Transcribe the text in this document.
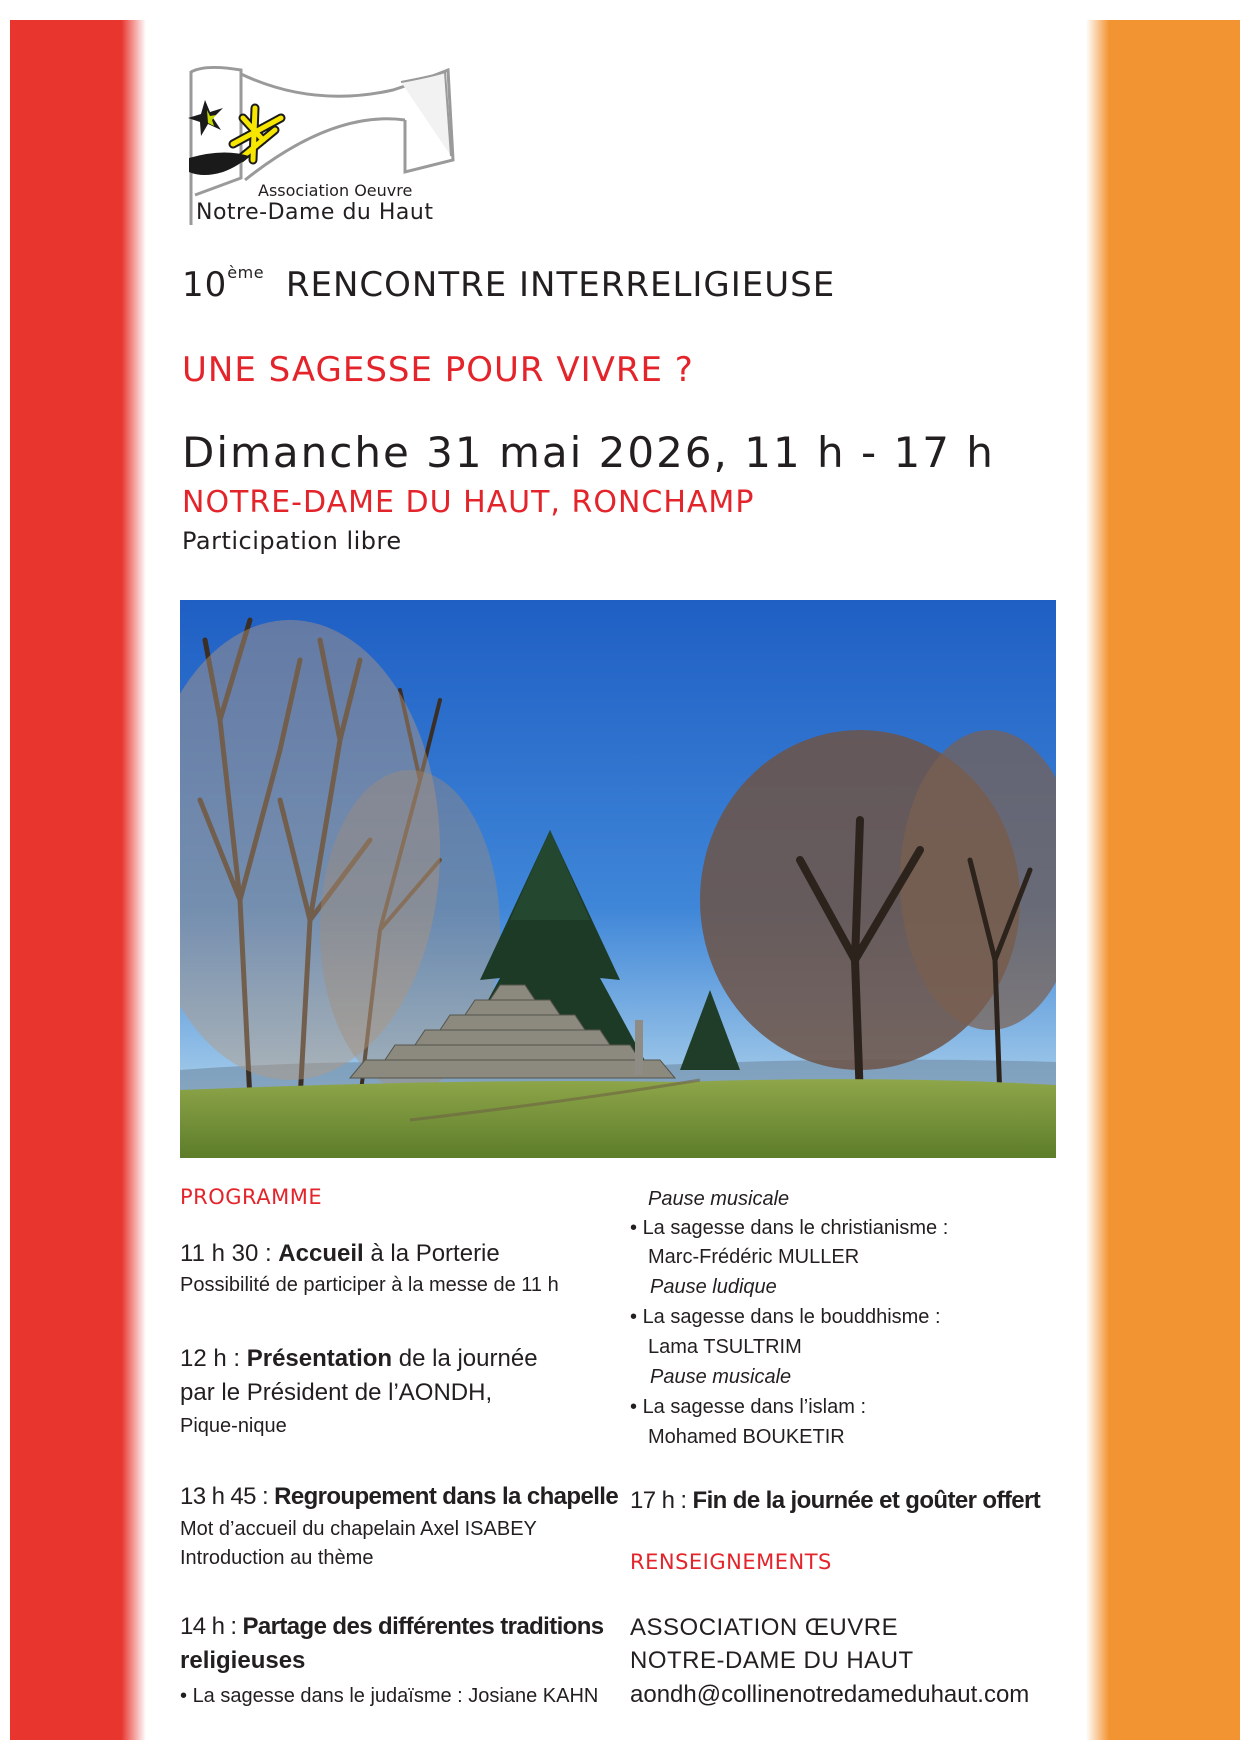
Association Oeuvre
Notre-Dame du Haut
10ème RENCONTRE INTERRELIGIEUSE
UNE SAGESSE POUR VIVRE ?
Dimanche 31 mai 2026, 11 h - 17 h
NOTRE-DAME DU HAUT, RONCHAMP
Participation libre
PROGRAMME
11 h 30 : Accueil à la Porterie
Possibilité de participer à la messe de 11 h
12 h : Présentation de la journée
par le Président de l’AONDH,
Pique-nique
13 h 45 : Regroupement dans la chapelle
Mot d’accueil du chapelain Axel ISABEY
Introduction au thème
14 h : Partage des différentes traditions
religieuses
• La sagesse dans le judaïsme : Josiane KAHN
Pause musicale
• La sagesse dans le christianisme :
Marc-Frédéric MULLER
Pause ludique
• La sagesse dans le bouddhisme :
Lama TSULTRIM
Pause musicale
• La sagesse dans l’islam :
Mohamed BOUKETIR
17 h : Fin de la journée et goûter offert
RENSEIGNEMENTS
ASSOCIATION ŒUVRE
NOTRE-DAME DU HAUT
aondh@collinenotredameduhaut.com
